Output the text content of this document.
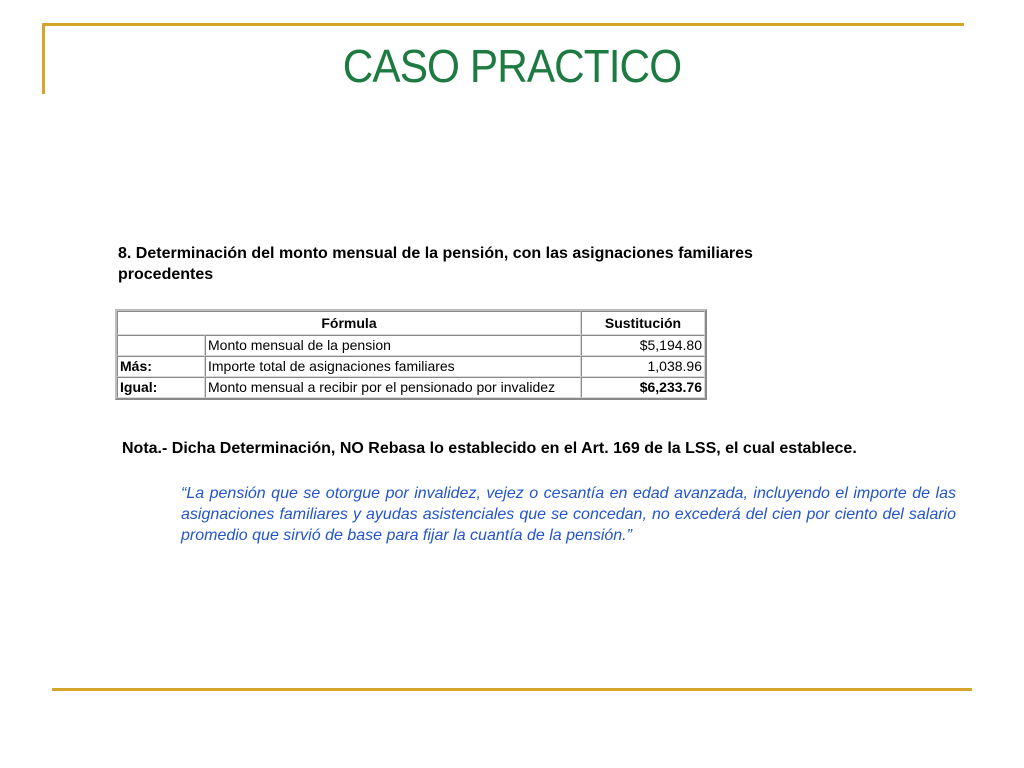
CASO PRACTICO
8. Determinación del monto mensual de la pensión, con las asignaciones familiares procedentes
Fórmula		Sustitución
	Monto mensual de la pension	$5,194.80
Más:	Importe total de asignaciones familiares	1,038.96
Igual:	Monto mensual a recibir por el pensionado por invalidez	$6,233.76
Nota.- Dicha Determinación, NO Rebasa lo establecido en el Art. 169 de la LSS, el cual establece.
“La pensión que se otorgue por invalidez, vejez o cesantía en edad avanzada, incluyendo el importe de las asignaciones familiares y ayudas asistenciales que se concedan, no excederá del cien por ciento del salario promedio que sirvió de base para fijar la cuantía de la pensión.”
